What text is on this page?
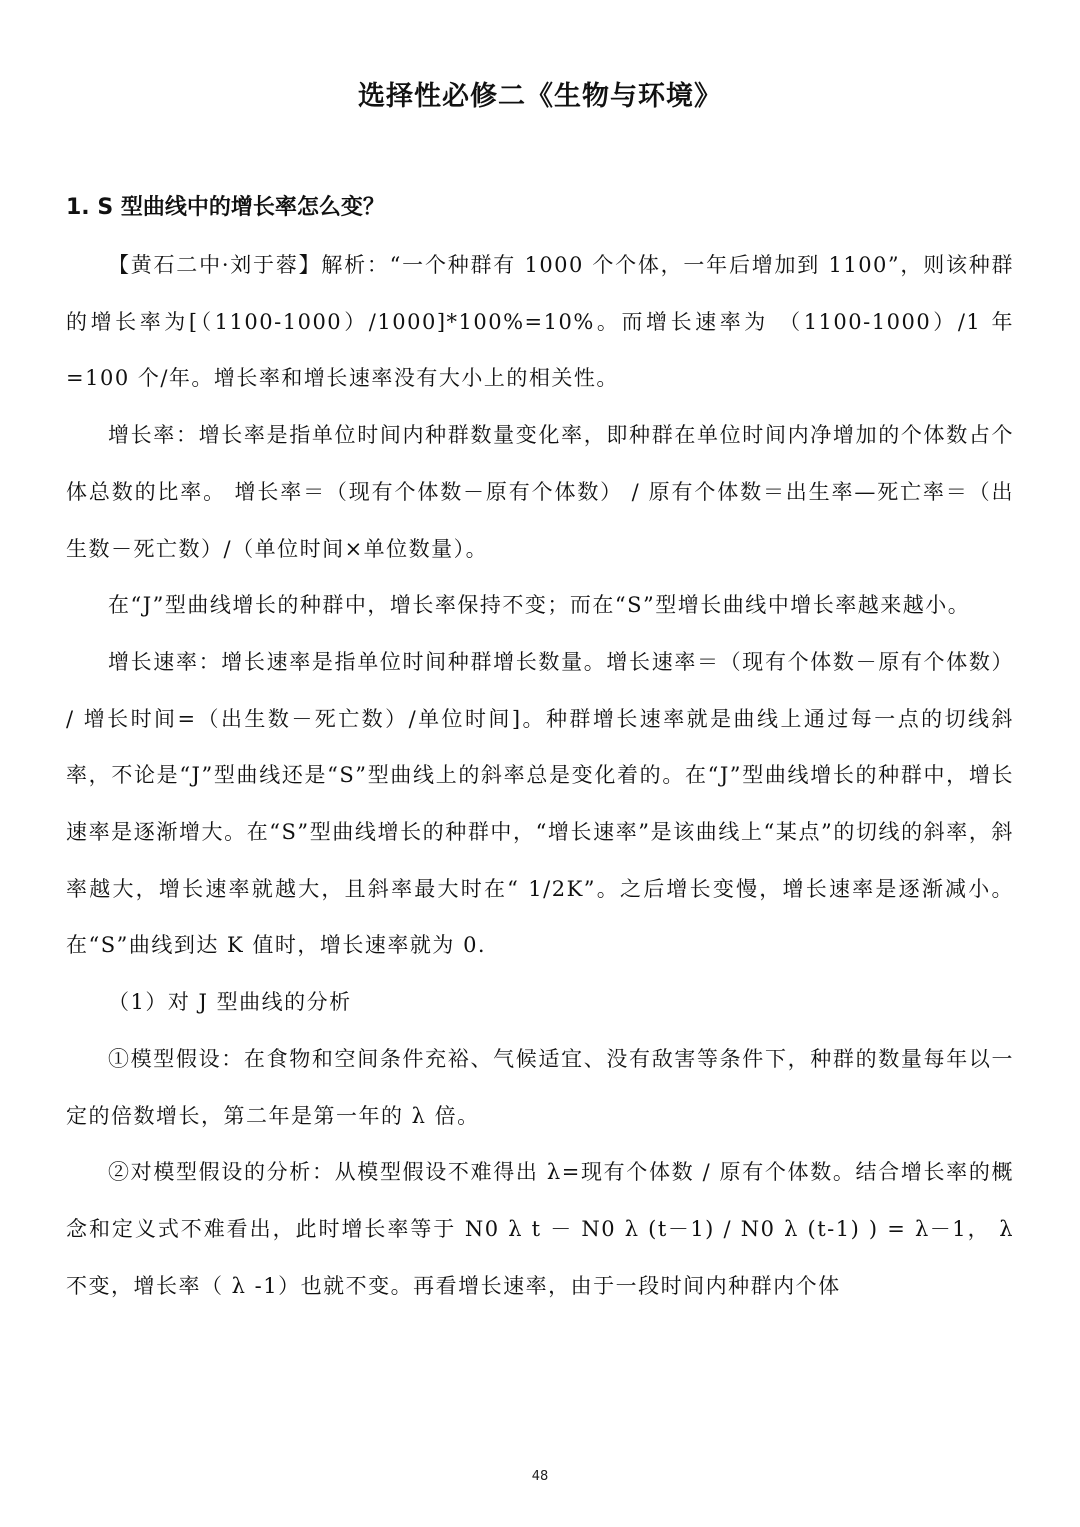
选择性必修二《生物与环境》
1. S 型曲线中的增长率怎么变？

【黄石二中·刘于蓉】解析：“一个种群有 1000 个个体，一年后增加到 1100”，则该种群的增长率为[（1100-1000）/1000]*100%=10%。而增长速率为 （1100-1000）/1 年=100 个/年。增长率和增长速率没有大小上的相关性。

增长率：增长率是指单位时间内种群数量变化率，即种群在单位时间内净增加的个体数占个体总数的比率。 增长率＝（现有个体数－原有个体数） / 原有个体数＝出生率—死亡率＝（出生数－死亡数）/（单位时间×单位数量）。

在“J”型曲线增长的种群中，增长率保持不变；而在“S”型增长曲线中增长率越来越小。

增长速率：增长速率是指单位时间种群增长数量。增长速率＝（现有个体数－原有个体数） / 增长时间=（出生数－死亡数）/单位时间]。种群增长速率就是曲线上通过每一点的切线斜率，不论是“J”型曲线还是“S”型曲线上的斜率总是变化着的。在“J”型曲线增长的种群中，增长速率是逐渐增大。在“S”型曲线增长的种群中，“增长速率”是该曲线上“某点”的切线的斜率，斜率越大，增长速率就越大，且斜率最大时在“ 1/2K”。之后增长变慢，增长速率是逐渐减小。在“S”曲线到达 K 值时，增长速率就为 0.

（1）对 J 型曲线的分析

①模型假设：在食物和空间条件充裕、气候适宜、没有敌害等条件下，种群的数量每年以一定的倍数增长，第二年是第一年的 λ 倍。

②对模型假设的分析：从模型假设不难得出 λ=现有个体数 / 原有个体数。结合增长率的概念和定义式不难看出，此时增长率等于 N0 λ t － N0 λ (t－1) / N0 λ (t-1) ) = λ－1， λ 不变，增长率（ λ -1）也就不变。再看增长速率，由于一段时间内种群内个体

48
